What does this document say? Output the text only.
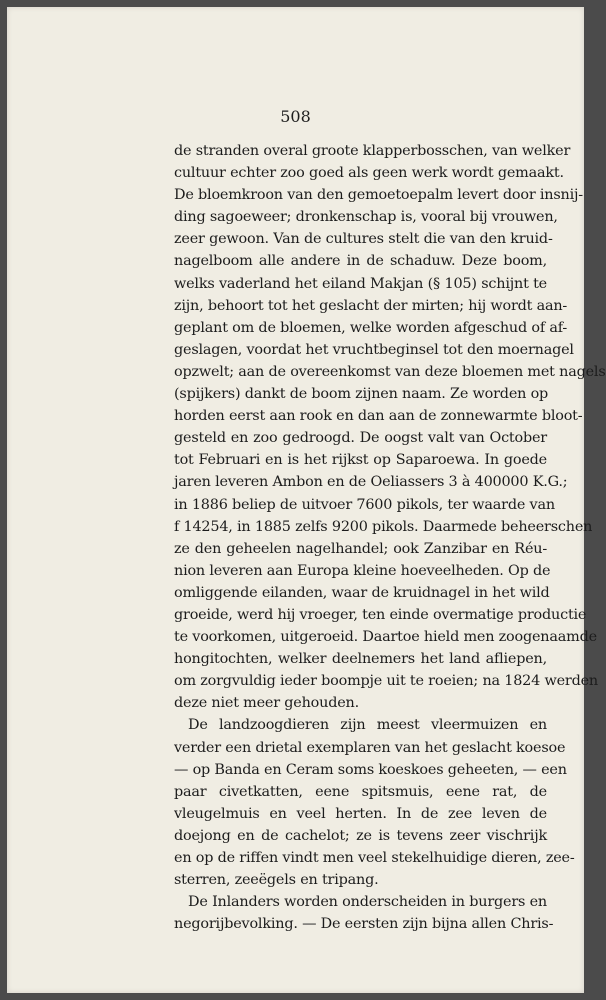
508
de stranden overal groote klapperbosschen, van welker
cultuur echter zoo goed als geen werk wordt gemaakt.
De bloemkroon van den gemoetoepalm levert door insnij-
ding sagoeweer; dronkenschap is, vooral bij vrouwen,
zeer gewoon. Van de cultures stelt die van den kruid-
nagelboom alle andere in de schaduw. Deze boom,
welks vaderland het eiland Makjan (§ 105) schijnt te
zijn, behoort tot het geslacht der mirten; hij wordt aan-
geplant om de bloemen, welke worden afgeschud of af-
geslagen, voordat het vruchtbeginsel tot den moernagel
opzwelt; aan de overeenkomst van deze bloemen met nagels
(spijkers) dankt de boom zijnen naam. Ze worden op
horden eerst aan rook en dan aan de zonnewarmte bloot-
gesteld en zoo gedroogd. De oogst valt van October
tot Februari en is het rijkst op Saparoewa. In goede
jaren leveren Ambon en de Oeliassers 3 à 400000 K.G.;
in 1886 beliep de uitvoer 7600 pikols, ter waarde van
f 14254, in 1885 zelfs 9200 pikols. Daarmede beheerschen
ze den geheelen nagelhandel; ook Zanzibar en Réu-
nion leveren aan Europa kleine hoeveelheden. Op de
omliggende eilanden, waar de kruidnagel in het wild
groeide, werd hij vroeger, ten einde overmatige productie
te voorkomen, uitgeroeid. Daartoe hield men zoogenaamde
hongitochten, welker deelnemers het land afliepen,
om zorgvuldig ieder boompje uit te roeien; na 1824 werden
deze niet meer gehouden.
De landzoogdieren zijn meest vleermuizen en
verder een drietal exemplaren van het geslacht koesoe
— op Banda en Ceram soms koeskoes geheeten, — een
paar civetkatten, eene spitsmuis, eene rat, de
vleugelmuis en veel herten. In de zee leven de
doejong en de cachelot; ze is tevens zeer vischrijk
en op de riffen vindt men veel stekelhuidige dieren, zee-
sterren, zeeëgels en tripang.
De Inlanders worden onderscheiden in burgers en
negorijbevolking. — De eersten zijn bijna allen Chris-
